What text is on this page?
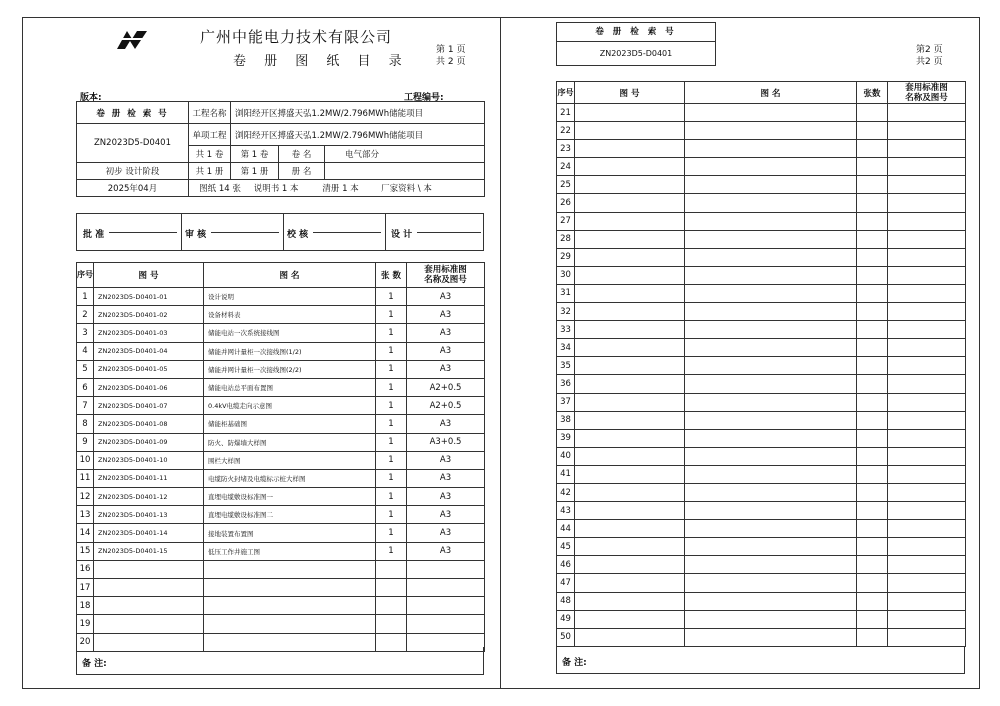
广州中能电力技术有限公司
卷 册 图 纸 目 录
第 1 页
共 2 页
版本:	工程编号:
卷 册 检 索 号	工程名称	浏阳经开区搏盛天弘1.2MW/2.796MWh储能项目		
ZN2023D5-D0401	单项工程	浏阳经开区搏盛天弘1.2MW/2.796MWh储能项目		
	共 1 卷	第 1 卷	卷 名	电气部分
初步 设计阶段	共 1 册	第 1 册	册 名	
2025年04月	图纸 14 张 说明书 1 本 清册 1 本 厂家资料 \ 本			
批 准	审 核	校 核	设 计
序号	图 号	图 名	张 数	套用标准图
名称及图号

1	ZN2023D5-D0401-01	设计说明	1	A3
2	ZN2023D5-D0401-02	设备材料表	1	A3
3	ZN2023D5-D0401-03	储能电站一次系统接线图	1	A3
4	ZN2023D5-D0401-04	储能并网计量柜一次接线图(1/2)	1	A3
5	ZN2023D5-D0401-05	储能并网计量柜一次接线图(2/2)	1	A3
6	ZN2023D5-D0401-06	储能电站总平面布置图	1	A2+0.5
7	ZN2023D5-D0401-07	0.4kV电缆走向示意图	1	A2+0.5
8	ZN2023D5-D0401-08	储能柜基础图	1	A3
9	ZN2023D5-D0401-09	防火、防爆墙大样图	1	A3+0.5
10	ZN2023D5-D0401-10	围栏大样图	1	A3
11	ZN2023D5-D0401-11	电缆防火封堵及电缆标示桩大样图	1	A3
12	ZN2023D5-D0401-12	直埋电缆敷设标准图一	1	A3
13	ZN2023D5-D0401-13	直埋电缆敷设标准图二	1	A3
14	ZN2023D5-D0401-14	接地装置布置图	1	A3
15	ZN2023D5-D0401-15	低压工作井施工图	1	A3
16				
17				
18				
19				
20				
备 注:
卷 册 检 索 号
ZN2023D5-D0401	第2 页
共2 页
序号	图 号	图 名	张数	套用标准图
名称及图号

21				
22				
23				
24				
25				
26				
27				
28				
29				
30				
31				
32				
33				
34				
35				
36				
37				
38				
39				
40				
41				
42				
43				
44				
45				
46				
47				
48				
49				
50				
备 注:
